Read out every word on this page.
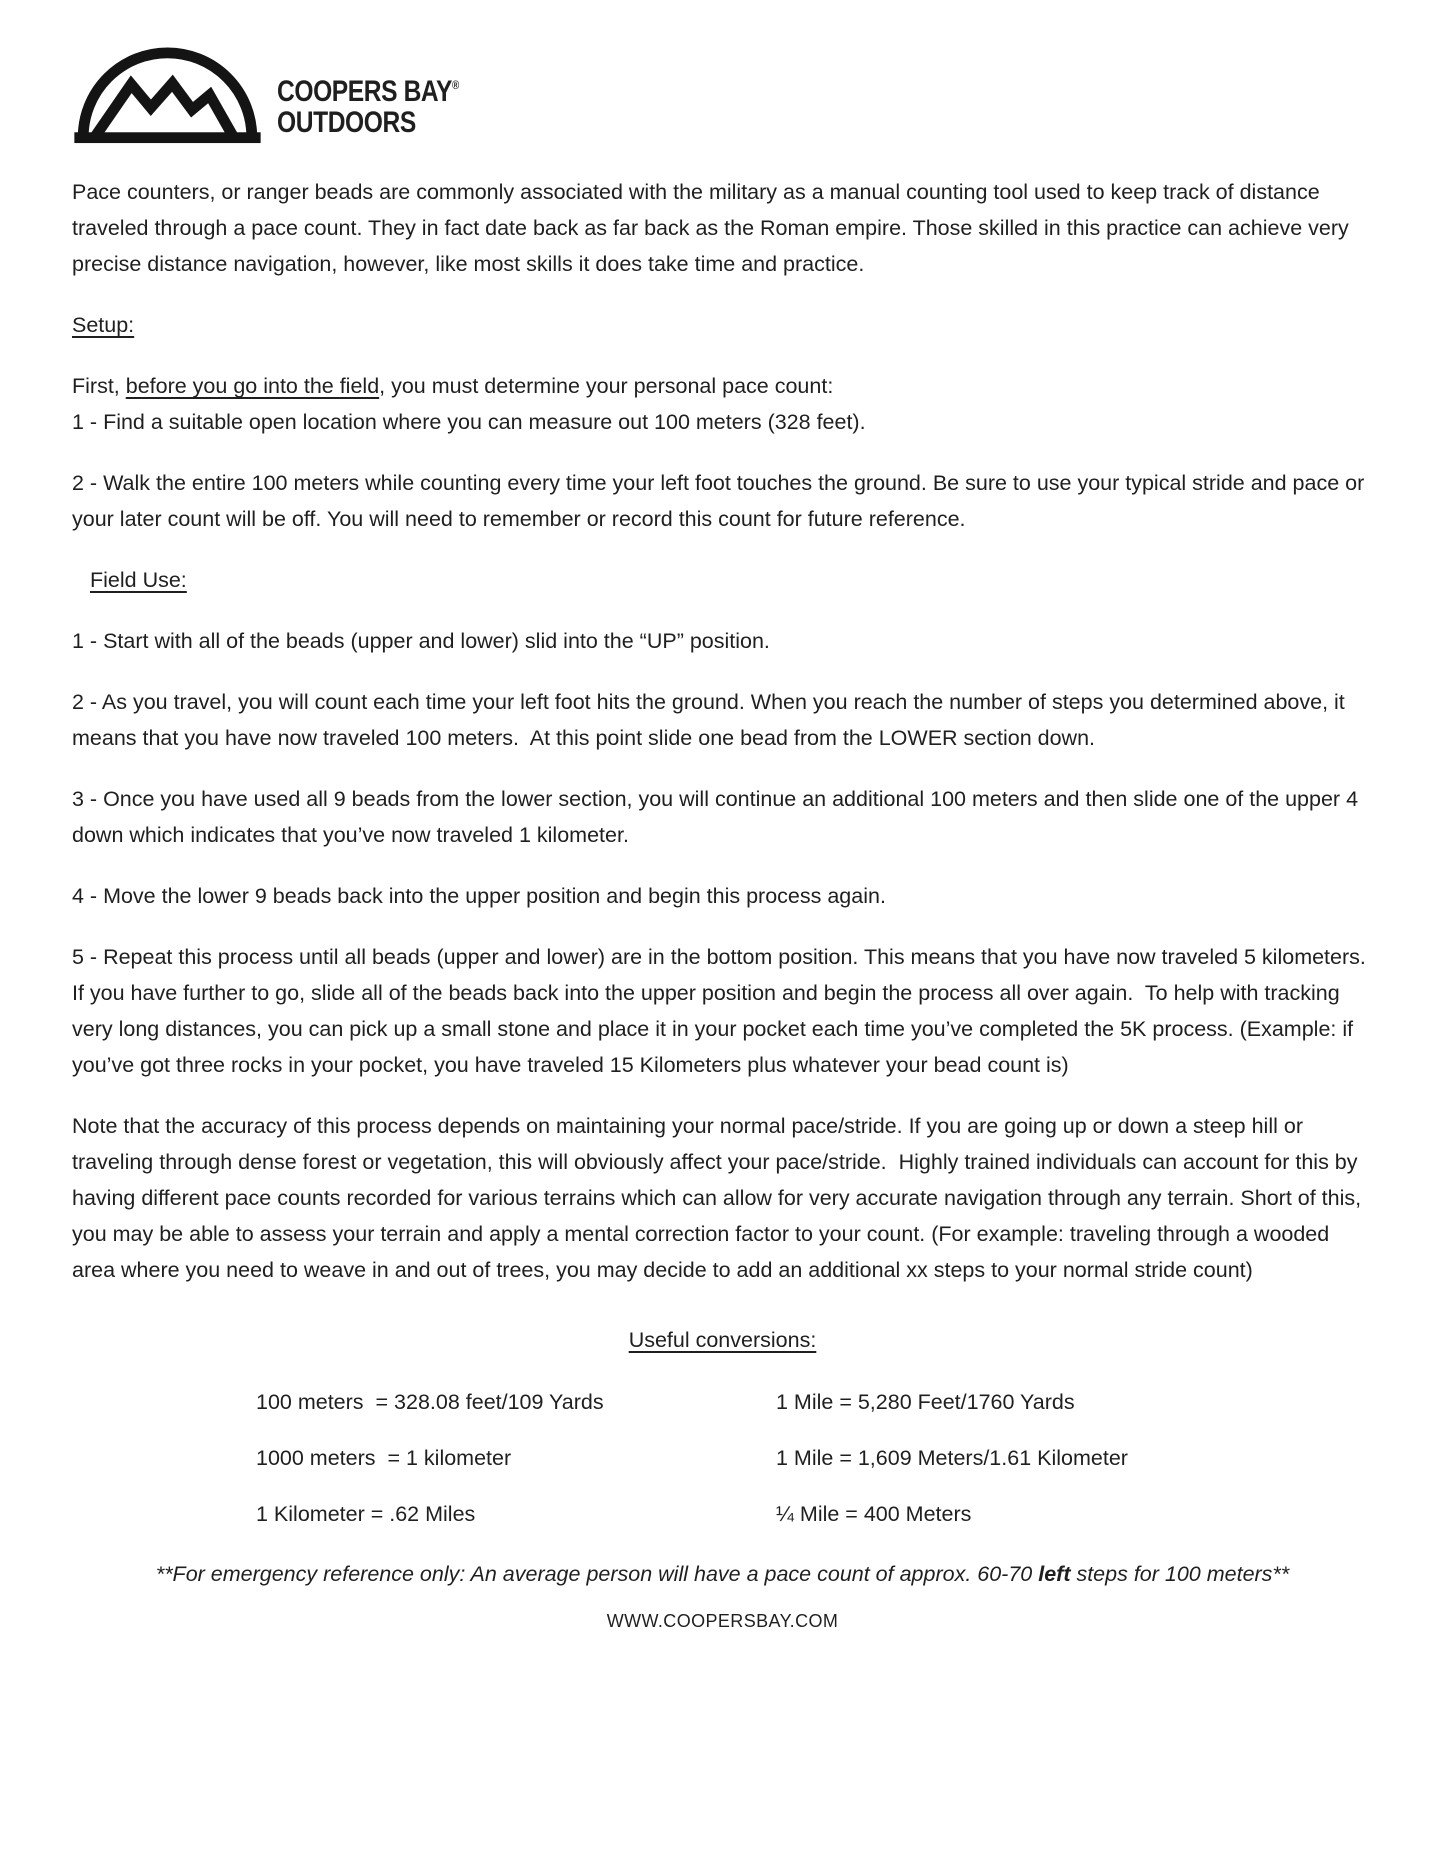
COOPERS BAY®
OUTDOORS

Pace counters, or ranger beads are commonly associated with the military as a manual counting tool used to keep track of distance traveled through a pace count. They in fact date back as far back as the Roman empire. Those skilled in this practice can achieve very precise distance navigation, however, like most skills it does take time and practice.

Setup:

First, before you go into the field, you must determine your personal pace count:
1 - Find a suitable open location where you can measure out 100 meters (328 feet).

2 - Walk the entire 100 meters while counting every time your left foot touches the ground. Be sure to use your typical stride and pace or your later count will be off. You will need to remember or record this count for future reference.

Field Use:

1 - Start with all of the beads (upper and lower) slid into the “UP” position.

2 - As you travel, you will count each time your left foot hits the ground. When you reach the number of steps you determined above, it means that you have now traveled 100 meters.  At this point slide one bead from the LOWER section down.

3 - Once you have used all 9 beads from the lower section, you will continue an additional 100 meters and then slide one of the upper 4 down which indicates that you’ve now traveled 1 kilometer.

4 - Move the lower 9 beads back into the upper position and begin this process again.

5 - Repeat this process until all beads (upper and lower) are in the bottom position. This means that you have now traveled 5 kilometers. If you have further to go, slide all of the beads back into the upper position and begin the process all over again.  To help with tracking very long distances, you can pick up a small stone and place it in your pocket each time you’ve completed the 5K process. (Example: if you’ve got three rocks in your pocket, you have traveled 15 Kilometers plus whatever your bead count is)

Note that the accuracy of this process depends on maintaining your normal pace/stride. If you are going up or down a steep hill or traveling through dense forest or vegetation, this will obviously affect your pace/stride.  Highly trained individuals can account for this by having different pace counts recorded for various terrains which can allow for very accurate navigation through any terrain. Short of this, you may be able to assess your terrain and apply a mental correction factor to your count. (For example: traveling through a wooded area where you need to weave in and out of trees, you may decide to add an additional xx steps to your normal stride count)

Useful conversions:

100 meters  = 328.08 feet/109 Yards	1 Mile = 5,280 Feet/1760 Yards
1000 meters  = 1 kilometer	1 Mile = 1,609 Meters/1.61 Kilometer
1 Kilometer = .62 Miles	¼ Mile = 400 Meters
**For emergency reference only: An average person will have a pace count of approx. 60-70 left steps for 100 meters**
WWW.COOPERSBAY.COM
